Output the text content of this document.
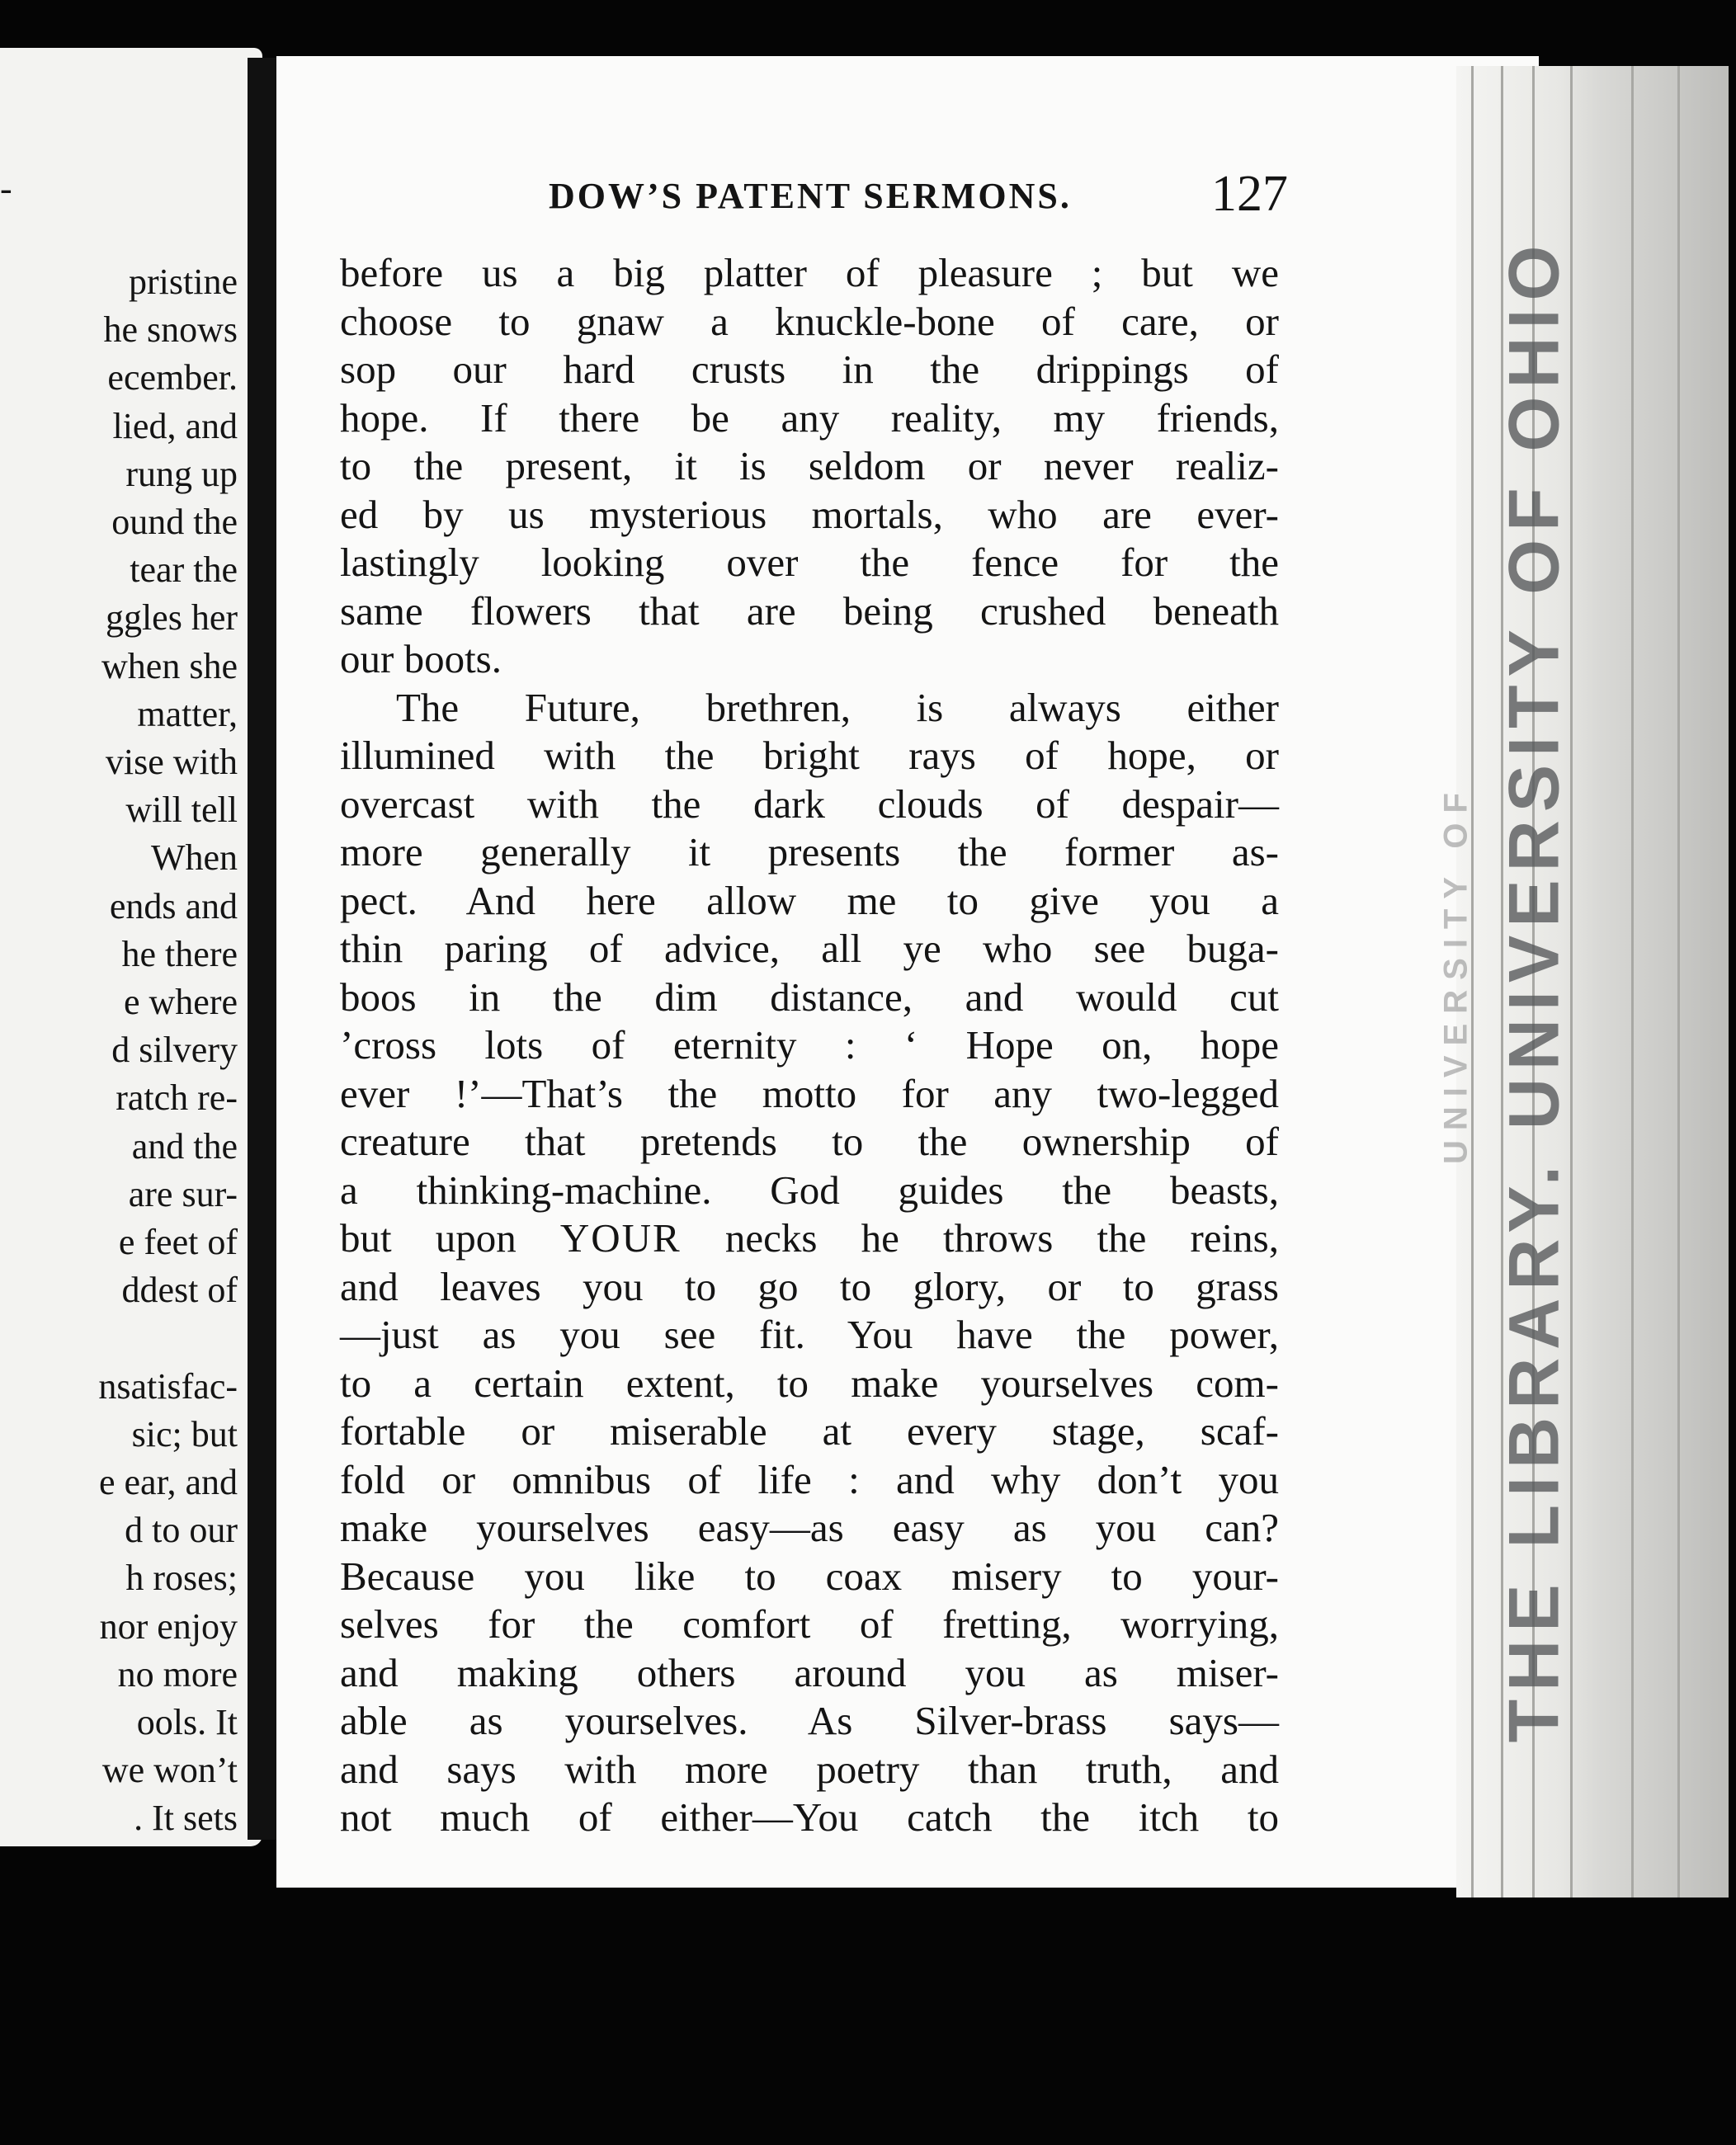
-
pristine
he snows
ecember.
lied, and
rung up
ound the
tear the
ggles her
when she
matter,
vise with
will tell
When
ends and
he there
e where
d silvery
ratch re-
and the
are sur-
e feet of
ddest of
nsatisfac-
sic; but
e ear, and
d to our
h roses;
nor enjoy
no more
ools. It
we won’t
. It sets
UNIVERSITY OF THE LIBRARY. UNIVERSITY OF OHIO
DOW’S PATENT SERMONS.	127
before us a big platter of pleasure ; but we
choose to gnaw a knuckle-bone of care, or
sop our hard crusts in the drippings of
hope. If there be any reality, my friends,
to the present, it is seldom or never realiz-
ed by us mysterious mortals, who are ever-
lastingly looking over the fence for the
same flowers that are being crushed beneath
our boots.
The Future, brethren, is always either
illumined with the bright rays of hope, or
overcast with the dark clouds of despair—
more generally it presents the former as-
pect. And here allow me to give you a
thin paring of advice, all ye who see buga-
boos in the dim distance, and would cut
’cross lots of eternity : ‘ Hope on, hope
ever !’—That’s the motto for any two-legged
creature that pretends to the ownership of
a thinking-machine. God guides the beasts,
but upon YOUR necks he throws the reins,
and leaves you to go to glory, or to grass
—just as you see fit. You have the power,
to a certain extent, to make yourselves com-
fortable or miserable at every stage, scaf-
fold or omnibus of life : and why don’t you
make yourselves easy—as easy as you can?
Because you like to coax misery to your-
selves for the comfort of fretting, worrying,
and making others around you as miser-
able as yourselves. As Silver-brass says—
and says with more poetry than truth, and
not much of either—You catch the itch to
